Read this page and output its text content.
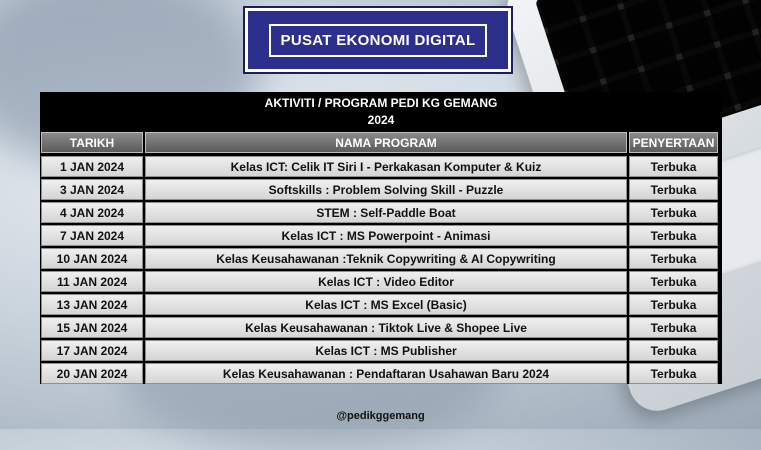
PUSAT EKONOMI DIGITAL
AKTIVITI / PROGRAM PEDI KG GEMANG
2024
TARIKH	NAMA PROGRAM	PENYERTAAN
1 JAN 2024	Kelas ICT: Celik IT Siri I - Perkakasan Komputer & Kuiz	Terbuka
3 JAN 2024	Softskills : Problem Solving Skill - Puzzle	Terbuka
4 JAN 2024	STEM : Self-Paddle Boat	Terbuka
7 JAN 2024	Kelas ICT : MS Powerpoint - Animasi	Terbuka
10 JAN 2024	Kelas Keusahawanan :Teknik Copywriting & AI Copywriting	Terbuka
11 JAN 2024	Kelas ICT : Video Editor	Terbuka
13 JAN 2024	Kelas ICT : MS Excel (Basic)	Terbuka
15 JAN 2024	Kelas Keusahawanan : Tiktok Live & Shopee Live	Terbuka
17 JAN 2024	Kelas ICT : MS Publisher	Terbuka
20 JAN 2024	Kelas Keusahawanan : Pendaftaran Usahawan Baru 2024	Terbuka
@pedikggemang
